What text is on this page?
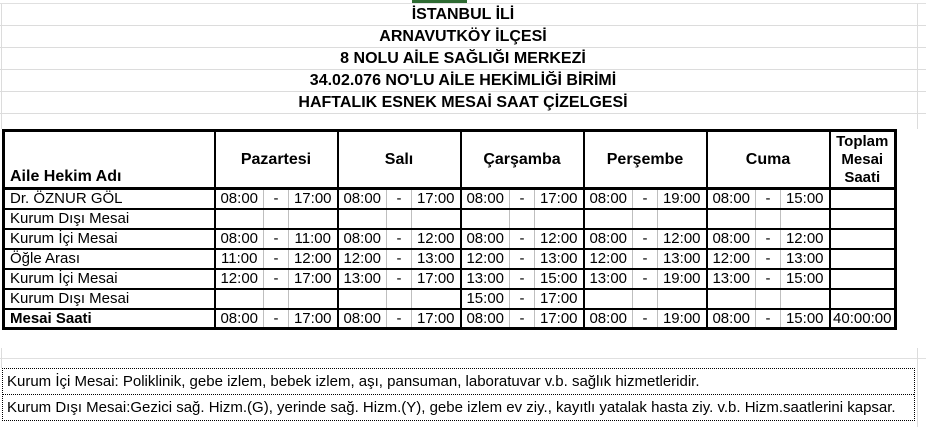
İSTANBUL İLİ
ARNAVUTKÖY İLÇESİ
8 NOLU AİLE SAĞLIĞI MERKEZİ
34.02.076 NO'LU AİLE HEKİMLİĞİ BİRİMİ
HAFTALIK ESNEK MESAİ SAAT ÇİZELGESİ
Aile Hekim Adı	Pazartesi			Salı			Çarşamba			Perşembe			Cuma			Toplam
Mesai
Saati

Dr. ÖZNUR GÖL	08:00	-	17:00	08:00	-	17:00	08:00	-	17:00	08:00	-	19:00	08:00	-	15:00	
Kurum Dışı Mesai																
Kurum İçi Mesai	08:00	-	11:00	08:00	-	12:00	08:00	-	12:00	08:00	-	12:00	08:00	-	12:00	
Öğle Arası	11:00	-	12:00	12:00	-	13:00	12:00	-	13:00	12:00	-	13:00	12:00	-	13:00	
Kurum İçi Mesai	12:00	-	17:00	13:00	-	17:00	13:00	-	15:00	13:00	-	19:00	13:00	-	15:00	
Kurum Dışı Mesai							15:00	-	17:00							
Mesai Saati	08:00	-	17:00	08:00	-	17:00	08:00	-	17:00	08:00	-	19:00	08:00	-	15:00	40:00:00
Kurum İçi Mesai: Poliklinik, gebe izlem, bebek izlem, aşı, pansuman, laboratuvar v.b. sağlık hizmetleridir.
Kurum Dışı Mesai:Gezici sağ. Hizm.(G), yerinde sağ. Hizm.(Y), gebe izlem ev ziy., kayıtlı yatalak hasta ziy. v.b. Hizm.saatlerini kapsar.
